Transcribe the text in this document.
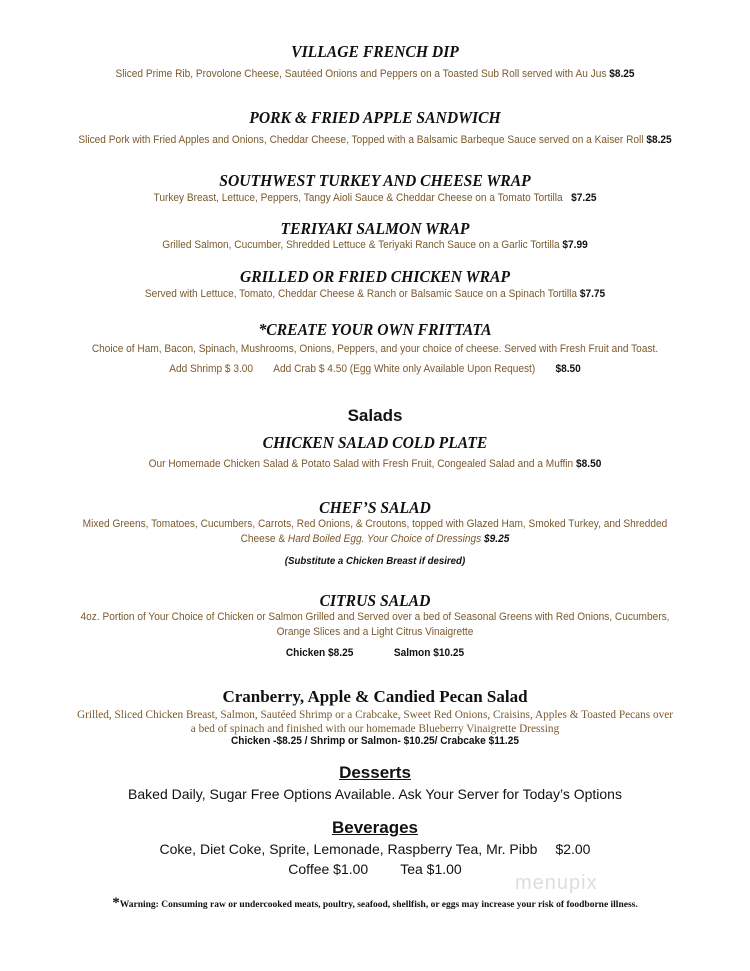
VILLAGE FRENCH DIP
Sliced Prime Rib, Provolone Cheese, Sautéed Onions and Peppers on a Toasted Sub Roll served with Au Jus $8.25
PORK & FRIED APPLE SANDWICH
Sliced Pork with Fried Apples and Onions, Cheddar Cheese, Topped with a Balsamic Barbeque Sauce served on a Kaiser Roll $8.25
SOUTHWEST TURKEY AND CHEESE WRAP
Turkey Breast, Lettuce, Peppers, Tangy Aioli Sauce & Cheddar Cheese on a Tomato Tortilla $7.25
TERIYAKI SALMON WRAP
Grilled Salmon, Cucumber, Shredded Lettuce & Teriyaki Ranch Sauce on a Garlic Tortilla $7.99
GRILLED OR FRIED CHICKEN WRAP
Served with Lettuce, Tomato, Cheddar Cheese & Ranch or Balsamic Sauce on a Spinach Tortilla $7.75
*CREATE YOUR OWN FRITTATA
Choice of Ham, Bacon, Spinach, Mushrooms, Onions, Peppers, and your choice of cheese. Served with Fresh Fruit and Toast.
Add Shrimp $ 3.00 Add Crab $ 4.50 (Egg White only Available Upon Request) $8.50
Salads
CHICKEN SALAD COLD PLATE
Our Homemade Chicken Salad & Potato Salad with Fresh Fruit, Congealed Salad and a Muffin $8.50
CHEF’S SALAD
Mixed Greens, Tomatoes, Cucumbers, Carrots, Red Onions, & Croutons, topped with Glazed Ham, Smoked Turkey, and Shredded
Cheese & Hard Boiled Egg. Your Choice of Dressings $9.25
(Substitute a Chicken Breast if desired)
CITRUS SALAD
4oz. Portion of Your Choice of Chicken or Salmon Grilled and Served over a bed of Seasonal Greens with Red Onions, Cucumbers,
Orange Slices and a Light Citrus Vinaigrette
Chicken $8.25	Salmon $10.25
Cranberry, Apple & Candied Pecan Salad
Grilled, Sliced Chicken Breast, Salmon, Sautéed Shrimp or a Crabcake, Sweet Red Onions, Craisins, Apples & Toasted Pecans over
a bed of spinach and finished with our homemade Blueberry Vinaigrette Dressing
Chicken -$8.25 / Shrimp or Salmon- $10.25/ Crabcake $11.25
Desserts
Baked Daily, Sugar Free Options Available. Ask Your Server for Today’s Options
Beverages
Coke, Diet Coke, Sprite, Lemonade, Raspberry Tea, Mr. Pibb $2.00
Coffee $1.00 Tea $1.00
menupix
*Warning: Consuming raw or undercooked meats, poultry, seafood, shellfish, or eggs may increase your risk of foodborne illness.
